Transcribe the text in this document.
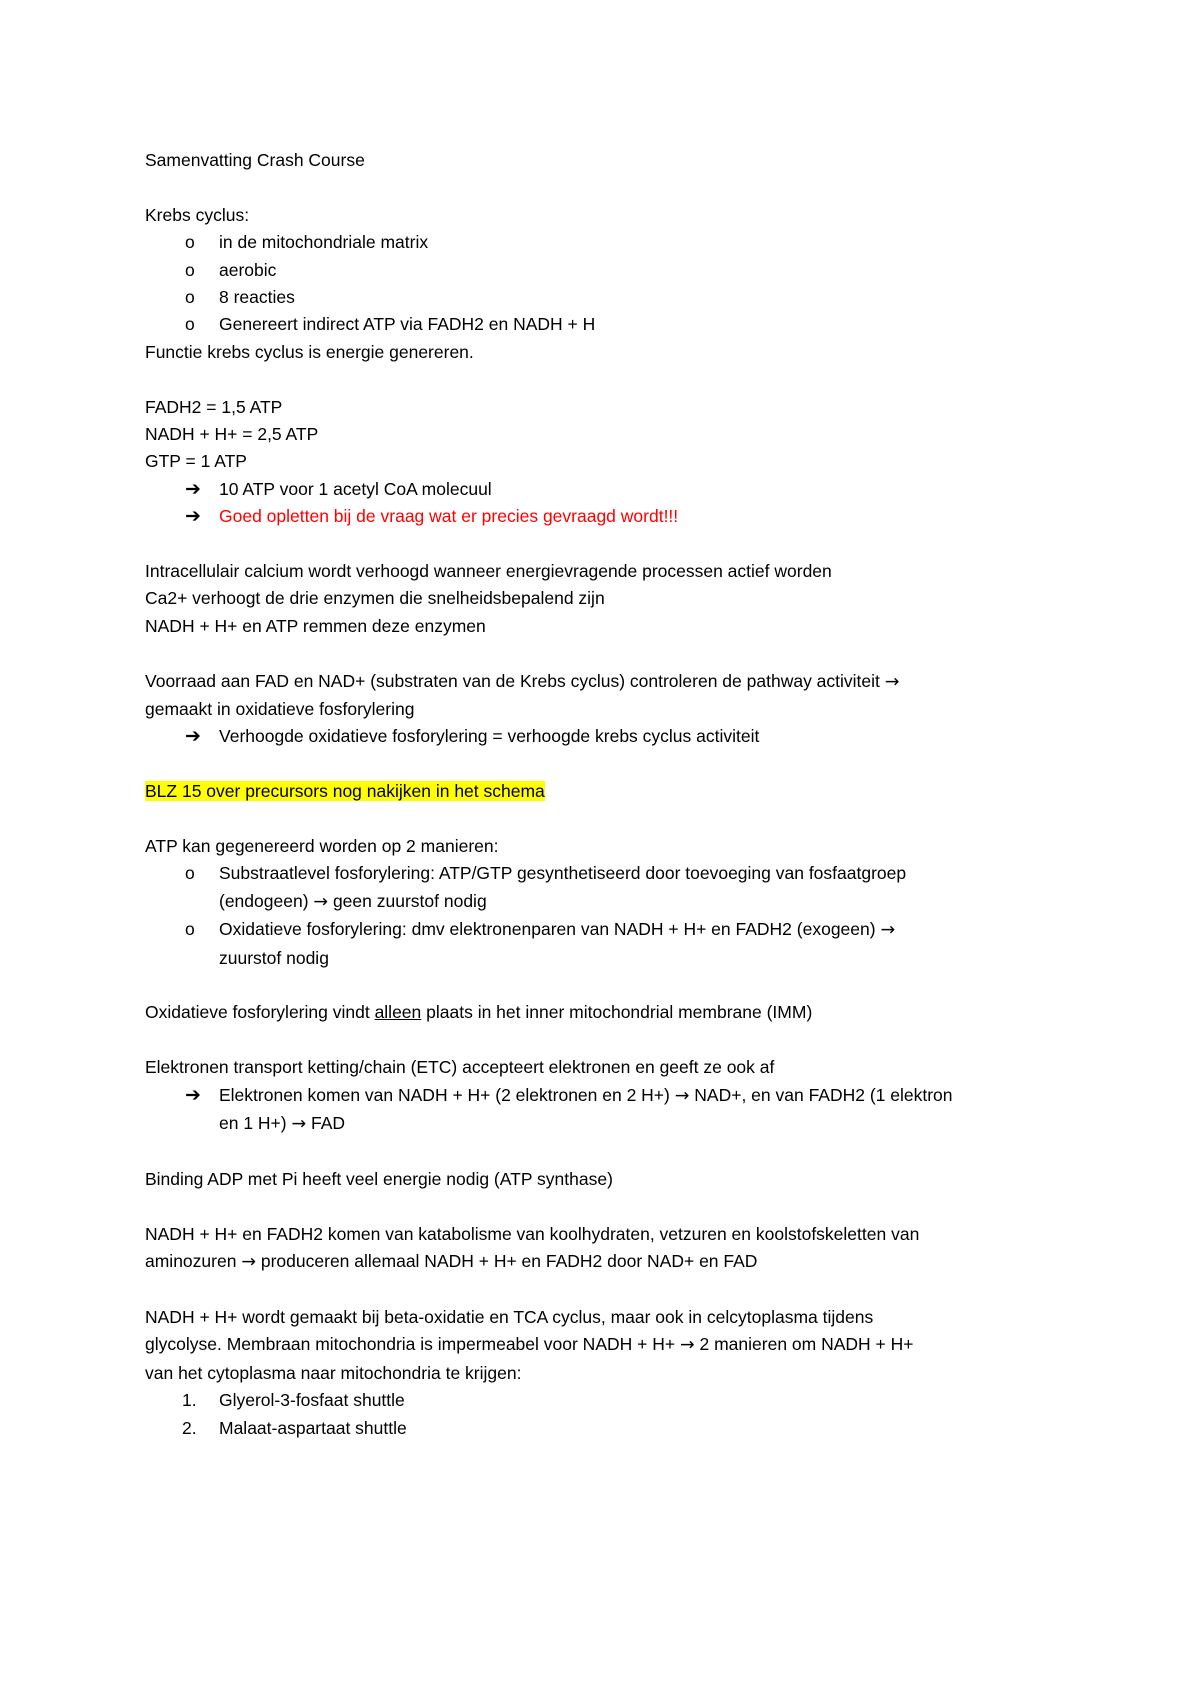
Samenvatting Crash Course
Krebs cyclus:
o in de mitochondriale matrix
o aerobic
o 8 reacties
o Genereert indirect ATP via FADH2 en NADH + H
Functie krebs cyclus is energie genereren.
FADH2 = 1,5 ATP
NADH + H+ = 2,5 ATP
GTP = 1 ATP
➔ 10 ATP voor 1 acetyl CoA molecuul
➔ Goed opletten bij de vraag wat er precies gevraagd wordt!!!
Intracellulair calcium wordt verhoogd wanneer energievragende processen actief worden
Ca2+ verhoogt de drie enzymen die snelheidsbepalend zijn
NADH + H+ en ATP remmen deze enzymen
Voorraad aan FAD en NAD+ (substraten van de Krebs cyclus) controleren de pathway activiteit →
gemaakt in oxidatieve fosforylering
➔ Verhoogde oxidatieve fosforylering = verhoogde krebs cyclus activiteit
BLZ 15 over precursors nog nakijken in het schema
ATP kan gegenereerd worden op 2 manieren:
o Substraatlevel fosforylering: ATP/GTP gesynthetiseerd door toevoeging van fosfaatgroep
(endogeen) → geen zuurstof nodig
o Oxidatieve fosforylering: dmv elektronenparen van NADH + H+ en FADH2 (exogeen) →
zuurstof nodig
Oxidatieve fosforylering vindt alleen plaats in het inner mitochondrial membrane (IMM)
Elektronen transport ketting/chain (ETC) accepteert elektronen en geeft ze ook af
➔ Elektronen komen van NADH + H+ (2 elektronen en 2 H+) → NAD+, en van FADH2 (1 elektron
en 1 H+) → FAD
Binding ADP met Pi heeft veel energie nodig (ATP synthase)
NADH + H+ en FADH2 komen van katabolisme van koolhydraten, vetzuren en koolstofskeletten van
aminozuren → produceren allemaal NADH + H+ en FADH2 door NAD+ en FAD
NADH + H+ wordt gemaakt bij beta-oxidatie en TCA cyclus, maar ook in celcytoplasma tijdens
glycolyse. Membraan mitochondria is impermeabel voor NADH + H+ → 2 manieren om NADH + H+
van het cytoplasma naar mitochondria te krijgen:
1. Glyerol-3-fosfaat shuttle
2. Malaat-aspartaat shuttle
